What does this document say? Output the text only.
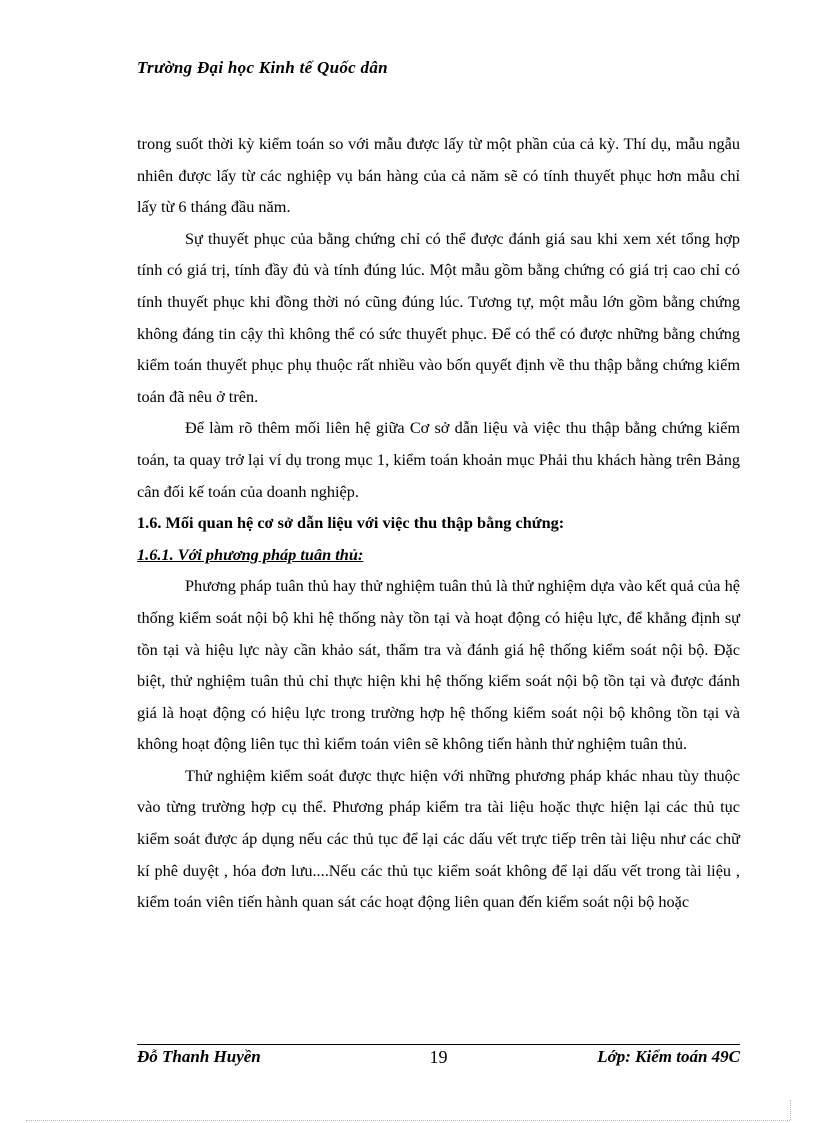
Trường Đại học Kinh tế Quốc dân

trong suốt thời kỳ kiểm toán so với mẫu được lấy từ một phần của cả kỳ. Thí dụ, mẫu ngẫu nhiên được lấy từ các nghiệp vụ bán hàng của cả năm sẽ có tính thuyết phục hơn mẫu chỉ lấy từ 6 tháng đầu năm.

Sự thuyết phục của bằng chứng chỉ có thể được đánh giá sau khi xem xét tổng hợp tính có giá trị, tính đầy đủ và tính đúng lúc. Một mẫu gồm bằng chứng có giá trị cao chỉ có tính thuyết phục khi đồng thời nó cũng đúng lúc. Tương tự, một mẫu lớn gồm bằng chứng không đáng tin cậy thì không thể có sức thuyết phục. Để có thể có được những bằng chứng kiểm toán thuyết phục phụ thuộc rất nhiều vào bốn quyết định về thu thập bằng chứng kiểm toán đã nêu ở trên.

Để làm rõ thêm mối liên hệ giữa Cơ sở dẫn liệu và việc thu thập bằng chứng kiểm toán, ta quay trở lại ví dụ trong mục 1, kiểm toán khoản mục Phải thu khách hàng trên Bảng cân đối kế toán của doanh nghiệp.

1.6. Mối quan hệ cơ sở dẫn liệu với việc thu thập bằng chứng:

1.6.1. Với phương pháp tuân thủ:

Phương pháp tuân thủ hay thử nghiệm tuân thủ là thử nghiệm dựa vào kết quả của hệ thống kiểm soát nội bộ khi hệ thống này tồn tại và hoạt động có hiệu lực, để khẳng định sự tồn tại và hiệu lực này cần khảo sát, thẩm tra và đánh giá hệ thống kiểm soát nội bộ. Đặc biệt, thử nghiệm tuân thủ chỉ thực hiện khi hệ thống kiểm soát nội bộ tồn tại và được đánh giá là hoạt động có hiệu lực trong trường hợp hệ thống kiểm soát nội bộ không tồn tại và không hoạt động liên tục thì kiểm toán viên sẽ không tiến hành thử nghiệm tuân thủ.

Thử nghiệm kiểm soát được thực hiện với những phương pháp khác nhau tùy thuộc vào từng trường hợp cụ thể. Phương pháp kiểm tra tài liệu hoặc thực hiện lại các thủ tục kiểm soát được áp dụng nếu các thủ tục để lại các dấu vết trực tiếp trên tài liệu như các chữ kí phê duyệt , hóa đơn lưu....Nếu các thủ tục kiểm soát không để lại dấu vết trong tài liệu , kiểm toán viên tiến hành quan sát các hoạt động liên quan đến kiểm soát nội bộ hoặc

Đỗ Thanh Huyền	19	Lớp: Kiểm toán 49C
